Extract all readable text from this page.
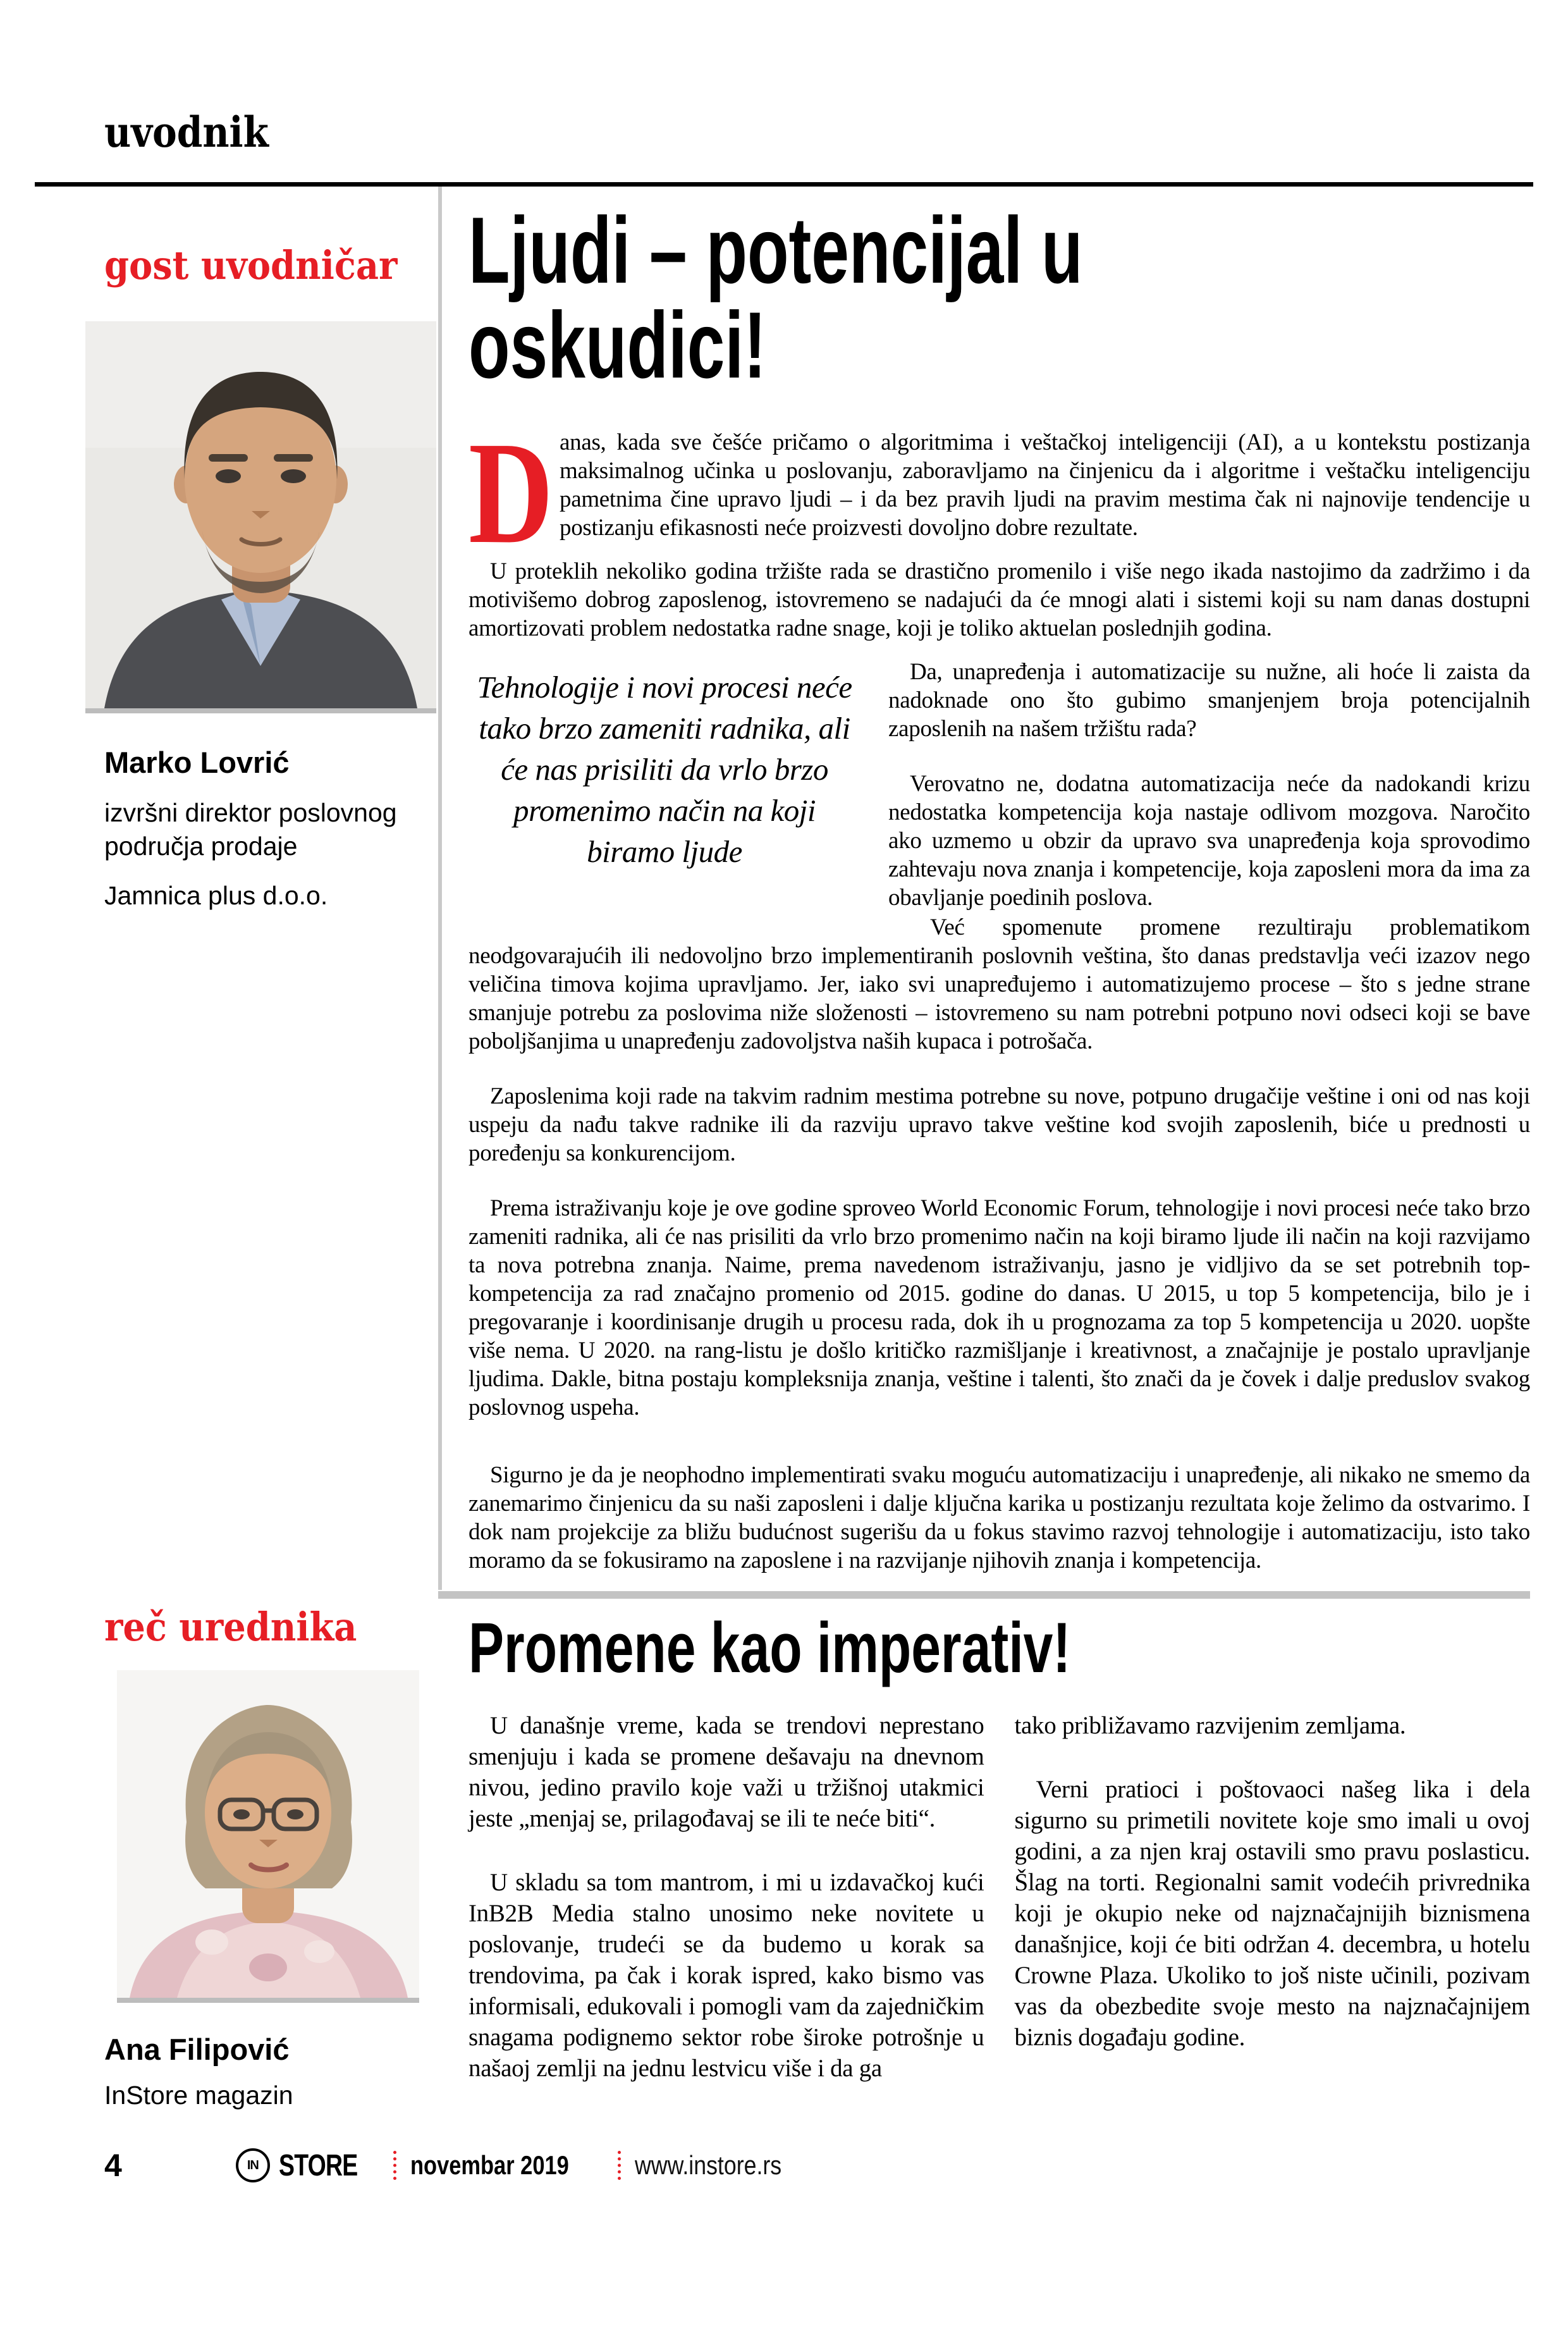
uvodnik
gost uvodničar
Marko Lovrić
izvršni direktor poslovnog područja prodaje
Jamnica plus d.o.o.
Ljudi – potencijal u
oskudici!

Danas, kada sve češće pričamo o algoritmima i veštačkoj inteligenciji (AI), a u kontekstu postizanja maksimalnog učinka u poslovanju, zaboravljamo na činjenicu da i algoritme i veštačku inteligenciju pametnima čine upravo ljudi – i da bez pravih ljudi na pravim mestima čak ni najnovije tendencije u postizanju efikasnosti neće proizvesti dovoljno dobre rezultate.

U proteklih nekoliko godina tržište rada se drastično promenilo i više nego ikada nastojimo da zadržimo i da motivišemo dobrog zaposlenog, istovremeno se nadajući da će mnogi alati i sistemi koji su nam danas dostupni amortizovati problem nedostatka radne snage, koji je toliko aktuelan poslednjih godina.

Tehnologije i novi procesi neće tako brzo zameniti radnika, ali će nas prisiliti da vrlo brzo promenimo način na koji biramo ljude

Da, unapređenja i automatizacije su nužne, ali hoće li zaista da nadoknade ono što gubimo smanjenjem broja potencijalnih zaposlenih na našem tržištu rada?

Verovatno ne, dodatna automatizacija neće da nadokandi krizu nedostatka kompetencija koja nastaje odlivom mozgova. Naročito ako uzmemo u obzir da upravo sva unapređenja koja sprovodimo zahtevaju nova znanja i kompetencije, koja zaposleni mora da ima za obavljanje poedinih poslova.

Već spomenute promene rezultiraju problematikom neodgovarajućih ili nedovoljno brzo implementiranih poslovnih veština, što danas predstavlja veći izazov nego veličina timova kojima upravljamo. Jer, iako svi unapređujemo i automatizujemo procese – što s jedne strane smanjuje potrebu za poslovima niže složenosti – istovremeno su nam potrebni potpuno novi odseci koji se bave poboljšanjima u unapređenju zadovoljstva naših kupaca i potrošača.

Zaposlenima koji rade na takvim radnim mestima potrebne su nove, potpuno drugačije veštine i oni od nas koji uspeju da nađu takve radnike ili da razviju upravo takve veštine kod svojih zaposlenih, biće u prednosti u poređenju sa konkurencijom.

Prema istraživanju koje je ove godine sproveo World Economic Forum, tehnologije i novi procesi neće tako brzo zameniti radnika, ali će nas prisiliti da vrlo brzo promenimo način na koji biramo ljude ili način na koji razvijamo ta nova potrebna znanja. Naime, prema navedenom istraživanju, jasno je vidljivo da se set potrebnih top-kompetencija za rad značajno promenio od 2015. godine do danas. U 2015, u top 5 kompetencija, bilo je i pregovaranje i koordinisanje drugih u procesu rada, dok ih u prognozama za top 5 kompetencija u 2020. uopšte više nema. U 2020. na rang-listu je došlo kritičko razmišljanje i kreativnost, a značajnije je postalo upravljanje ljudima. Dakle, bitna postaju kompleksnija znanja, veštine i talenti, što znači da je čovek i dalje preduslov svakog poslovnog uspeha.

Sigurno je da je neophodno implementirati svaku moguću automatizaciju i unapređenje, ali nikako ne smemo da zanemarimo činjenicu da su naši zaposleni i dalje ključna karika u postizanju rezultata koje želimo da ostvarimo. I dok nam projekcije za bližu budućnost sugerišu da u fokus stavimo razvoj tehnologije i automatizaciju, isto tako moramo da se fokusiramo na zaposlene i na razvijanje njihovih znanja i kompetencija.

reč urednika
Ana Filipović
InStore magazin
Promene kao imperativ!

U današnje vreme, kada se trendovi neprestano smenjuju i kada se promene dešavaju na dnevnom nivou, jedino pravilo koje važi u tržišnoj utakmici jeste „menjaj se, prilagođavaj se ili te neće biti“.

U skladu sa tom mantrom, i mi u izdavačkoj kući InB2B Media stalno unosimo neke novitete u poslovanje, trudeći se da budemo u korak sa trendovima, pa čak i korak ispred, kako bismo vas informisali, edukovali i pomogli vam da zajedničkim snagama podignemo sektor robe široke potrošnje u našaoj zemlji na jednu lestvicu više i da ga

tako približavamo razvijenim zemljama.

Verni pratioci i poštovaoci našeg lika i dela sigurno su primetili novitete koje smo imali u ovoj godini, a za njen kraj ostavili smo pravu poslasticu. Šlag na torti. Regionalni samit vodećih privrednika koji je okupio neke od najznačajnijih biznismena današnjice, koji će biti održan 4. decembra, u hotelu Crowne Plaza. Ukoliko to još niste učinili, pozivam vas da obezbedite svoje mesto na najznačajnijem biznis događaju godine.

4	IN STORE novembar 2019 www.instore.rs
